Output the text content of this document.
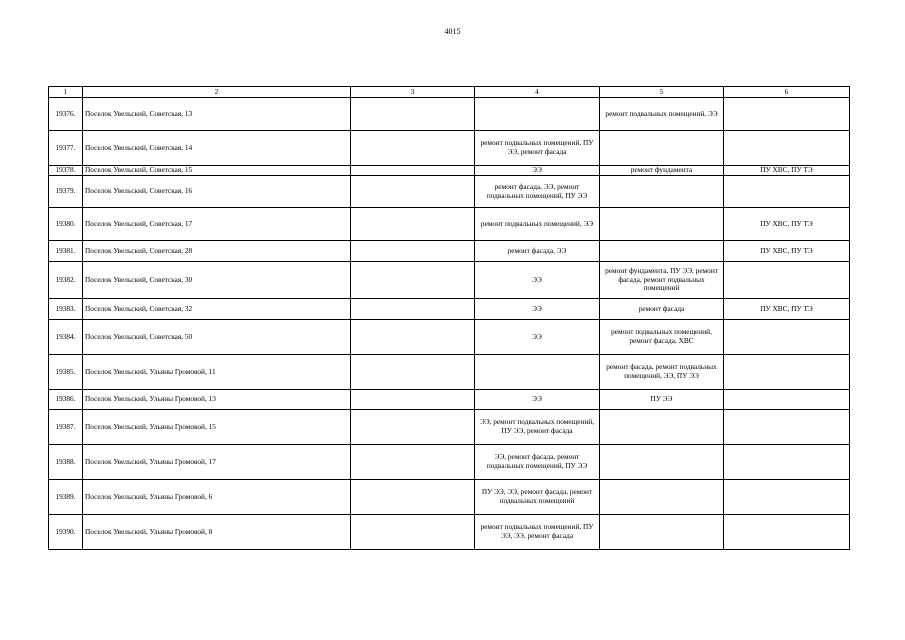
4015
1	2	3	4	5	6
19376.	Поселок Увельский, Советская, 13			ремонт подвальных помещений, ЭЭ	
19377.	Поселок Увельский, Советская, 14		ремонт подвальных помещений, ПУ ЭЭ, ремонт фасада		
19378.	Поселок Увельский, Советская, 15		ЭЭ	ремонт фундамента	ПУ ХВС, ПУ ТЭ
19379.	Поселок Увельский, Советская, 16		ремонт фасада, ЭЭ, ремонт подвальных помещений, ПУ ЭЭ		
19380.	Поселок Увельский, Советская, 17		ремонт подвальных помещений, ЭЭ		ПУ ХВС, ПУ ТЭ
19381.	Поселок Увельский, Советская, 28		ремонт фасада, ЭЭ		ПУ ХВС, ПУ ТЭ
19382.	Поселок Увельский, Советская, 30		ЭЭ	ремонт фундамента, ПУ ЭЭ, ремонт фасада, ремонт подвальных помещений	
19383.	Поселок Увельский, Советская, 32		ЭЭ	ремонт фасада	ПУ ХВС, ПУ ТЭ
19384.	Поселок Увельский, Советская, 50		ЭЭ	ремонт подвальных помещений, ремонт фасада, ХВС	
19385.	Поселок Увельский, Ульяны Громовой, 11			ремонт фасада, ремонт подвальных помещений, ЭЭ, ПУ ЭЭ	
19386.	Поселок Увельский, Ульяны Громовой, 13		ЭЭ	ПУ ЭЭ	
19387.	Поселок Увельский, Ульяны Громовой, 15		ЭЭ, ремонт подвальных помещений, ПУ ЭЭ, ремонт фасада		
19388.	Поселок Увельский, Ульяны Громовой, 17		ЭЭ, ремонт фасада, ремонт подвальных помещений, ПУ ЭЭ		
19389.	Поселок Увельский, Ульяны Громовой, 6		ПУ ЭЭ, ЭЭ, ремонт фасада, ремонт подвальных помещений		
19390.	Поселок Увельский, Ульяны Громовой, 8		ремонт подвальных помещений, ПУ ЭЭ, ЭЭ, ремонт фасада		
